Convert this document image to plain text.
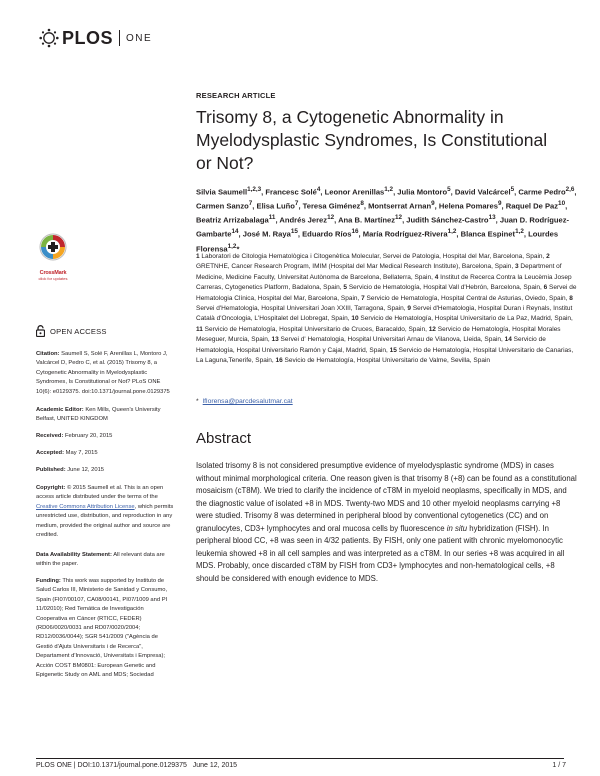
PLOS ONE
RESEARCH ARTICLE
Trisomy 8, a Cytogenetic Abnormality in Myelodysplastic Syndromes, Is Constitutional or Not?
Silvia Saumell$^{1,2,3}$, Francesc Solé$^4$, Leonor Arenillas$^{1,2}$, Julia Montoro$^5$, David Valcárcel$^5$, Carme Pedro$^{2,6}$, Carmen Sanzo$^7$, Elisa Luño$^7$, Teresa Giménez$^8$, Montserrat Arnan$^9$, Helena Pomares$^9$, Raquel De Paz$^{10}$, Beatriz Arrizabalaga$^{11}$, Andrés Jerez$^{12}$, Ana B. Martínez$^{12}$, Judith Sánchez-Castro$^{13}$, Juan D. Rodríguez-Gambarte$^{14}$, José M. Raya$^{15}$, Eduardo Ríos$^{16}$, María Rodríguez-Rivera$^{1,2}$, Blanca Espinet$^{1,2}$, Lourdes Florensa$^{1,2}$*
1 Laboratori de Citologia Hematològica i Citogenètica Molecular, Servei de Patologia, Hospital del Mar, Barcelona, Spain, 2 GRETNHE, Cancer Research Program, IMIM (Hospital del Mar Medical Research Institute), Barcelona, Spain, 3 Department of Medicine, Medicine Faculty, Universitat Autònoma de Barcelona, Bellaterra, Spain, 4 Institut de Recerca Contra la Leucèmia Josep Carreras, Cytogenetics Platform, Badalona, Spain, 5 Servicio de Hematología, Hospital Vall d'Hebrón, Barcelona, Spain, 6 Servei de Hematologia Clínica, Hospital del Mar, Barcelona, Spain, 7 Servicio de Hematología, Hospital Central de Asturias, Oviedo, Spain, 8 Servei d'Hematologia, Hospital Universitari Joan XXIII, Tarragona, Spain, 9 Servei d'Hematologia, Hospital Duran i Reynals, Institut Català d'Oncologia, L'Hospitalet del Llobregat, Spain, 10 Servicio de Hematología, Hospital Universitario de La Paz, Madrid, Spain, 11 Servicio de Hematología, Hospital Universitario de Cruces, Baracaldo, Spain, 12 Servicio de Hematología, Hospital Morales Meseguer, Murcia, Spain, 13 Servei d' Hematologia, Hospital Universitari Arnau de Vilanova, Lleida, Spain, 14 Servicio de Hematología, Hospital Universitario Ramón y Cajal, Madrid, Spain, 15 Servicio de Hematología, Hospital Universitario de Canarias, La Laguna,Tenerife, Spain, 16 Sevicio de Hematología, Hospital Universitario de Valme, Sevilla, Spain
* lflorensa@parcdesalutmar.cat
Abstract
Isolated trisomy 8 is not considered presumptive evidence of myelodysplastic syndrome (MDS) in cases without minimal morphological criteria. One reason given is that trisomy 8 (+8) can be found as a constitutional mosaicism (cT8M). We tried to clarify the incidence of cT8M in myeloid neoplasms, specifically in MDS, and the diagnostic value of isolated +8 in MDS. Twenty-two MDS and 10 other myeloid neoplasms carrying +8 were studied. Trisomy 8 was determined in peripheral blood by conventional cytogenetics (CC) and on granulocytes, CD3+ lymphocytes and oral mucosa cells by fluorescence in situ hybridization (FISH). In peripheral blood CC, +8 was seen in 4/32 patients. By FISH, only one patient with chronic myelomonocytic leukemia showed +8 in all cell samples and was interpreted as a cT8M. In our series +8 was acquired in all MDS. Probably, once discarded cT8M by FISH from CD3+ lymphocytes and non-hematological cells, +8 should be considered with enough evidence to MDS.
CrossMark
click for updates
OPEN ACCESS
Citation: Saumell S, Solé F, Arenillas L, Montoro J, Valcárcel D, Pedro C, et al. (2015) Trisomy 8, a Cytogenetic Abnormality in Myelodysplastic Syndromes, Is Constitutional or Not? PLoS ONE 10(6): e0129375. doi:10.1371/journal.pone.0129375
Academic Editor: Ken Mills, Queen's University Belfast, UNITED KINGDOM
Received: February 20, 2015
Accepted: May 7, 2015
Published: June 12, 2015
Copyright: © 2015 Saumell et al. This is an open access article distributed under the terms of the Creative Commons Attribution License, which permits unrestricted use, distribution, and reproduction in any medium, provided the original author and source are credited.
Data Availability Statement: All relevant data are within the paper.
Funding: This work was supported by Instituto de Salud Carlos III, Ministerio de Sanidad y Consumo, Spain (FI07/00107, CA08/00141, PI07/1009 and PI 11/02010); Red Temática de Investigación Cooperativa en Cáncer (RTICC, FEDER) (RD06/0020/0031 and RD07/0020/2004; RD12/0036/0044); SGR 541/2009 ("Agència de Gestió d'Ajuts Universitaris i de Recerca", Departament d'Innovació, Universitats i Empresa); Acción COST BM0801: European Genetic and Epigenetic Study on AML and MDS; Sociedad
PLOS ONE | DOI:10.1371/journal.pone.0129375   June 12, 2015	1 / 7
